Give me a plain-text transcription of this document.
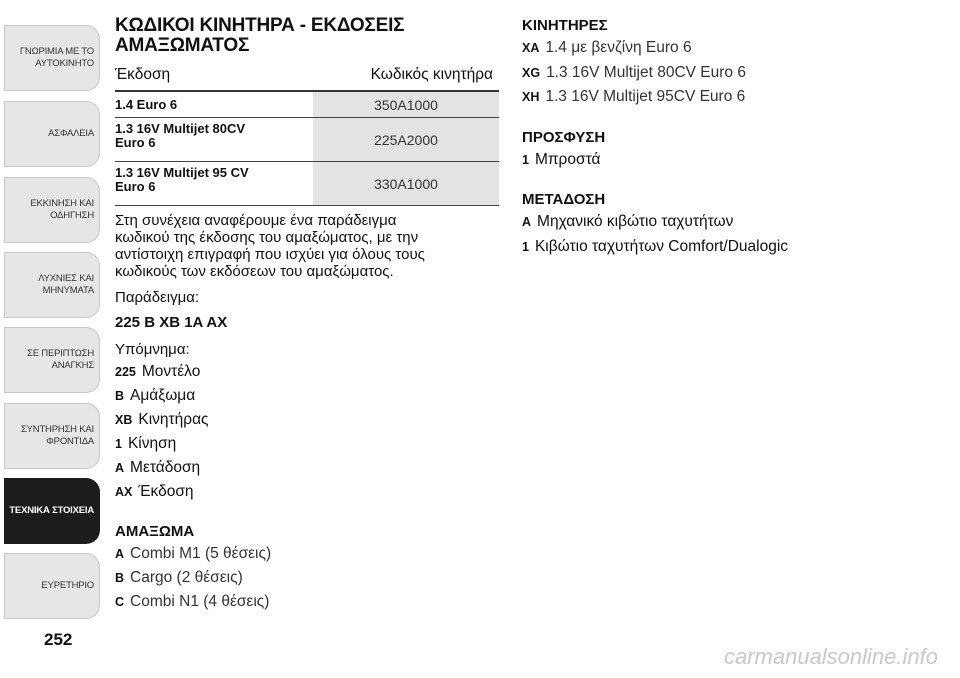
ΓΝΩΡΙΜΙΑ ΜΕ ΤΟ
ΑΥΤΟΚΙΝΗΤΟ
ΑΣΦΑΛΕΙΑ
ΕΚΚΙΝΗΣΗ ΚΑΙ
ΟΔΗΓΗΣΗ
ΛΥΧΝΙΕΣ ΚΑΙ
ΜΗΝΥΜΑΤΑ
ΣΕ ΠΕΡΙΠΤΩΣΗ
ΑΝΑΓΚΗΣ
ΣΥΝΤΗΡΗΣΗ ΚΑΙ
ΦΡΟΝΤΙΔΑ
ΤΕΧΝΙΚΑ ΣΤΟΙΧΕΙΑ
ΕΥΡΕΤΗΡΙΟ
252
ΚΩΔΙΚΟΙ ΚΙΝΗΤΗΡΑ - ΕΚΔΟΣΕΙΣ
ΑΜΑΞΩΜΑΤΟΣ
Έκδοση	Κωδικός κινητήρα
1.4 Euro 6	350A1000
1.3 16V Multijet 80CV
Euro 6	225A2000
1.3 16V Multijet 95 CV
Euro 6	330A1000
Στη συνέχεια αναφέρουμε ένα παράδειγμα
κωδικού της έκδοσης του αμαξώματος, με την
αντίστοιχη επιγραφή που ισχύει για όλους τους
κωδικούς των εκδόσεων του αμαξώματος.
Παράδειγμα:
225 B XB 1A AX
Υπόμνημα:
225 Μοντέλο
B Αμάξωμα
XB Κινητήρας
1 Κίνηση
A Μετάδοση
AX Έκδοση
ΑΜΑΞΩΜΑ
A Combi M1 (5 θέσεις)
B Cargo (2 θέσεις)
C Combi N1 (4 θέσεις)
ΚΙΝΗΤΗΡΕΣ
XA 1.4 με βενζίνη Euro 6
XG 1.3 16V Multijet 80CV Euro 6
XH 1.3 16V Multijet 95CV Euro 6
ΠΡΟΣΦΥΣΗ
1 Μπροστά
ΜΕΤΑΔΟΣΗ
A Μηχανικό κιβώτιο ταχυτήτων
1 Κιβώτιο ταχυτήτων Comfort/Dualogic
carmanualsonline.info
